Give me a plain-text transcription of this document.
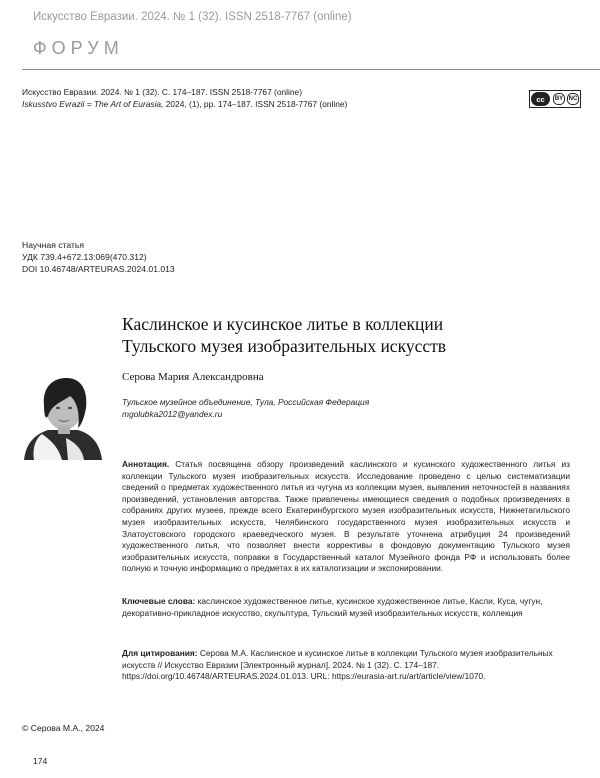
Искусство Евразии. 2024. № 1 (32). ISSN 2518-7767 (online)
ФОРУМ
Искусство Евразии. 2024. № 1 (32). С. 174–187. ISSN 2518-7767 (online)
Iskusstvo Evrazii = The Art of Eurasia, 2024, (1), pp. 174–187. ISSN 2518-7767 (online)	cc	BY NC
Научная статья
УДК 739.4+672.13:069(470.312)
DOI 10.46748/ARTEURAS.2024.01.013
Каслинское и кусинское литье в коллекции
Тульского музея изобразительных искусств
Серова Мария Александровна
Тульское музейное объединение, Тула, Российская Федерация
mgolubka2012@yandex.ru
Аннотация. Статья посвящена обзору произведений каслинского и кусинского художественного литья из коллекции Тульского музея изобразительных искусств. Исследование проведено с целью систематизации сведений о предметах художественного литья из чугуна из коллекции музея, выявления неточностей в названиях произведений, установления авторства. Также привлечены имеющиеся сведения о подобных произведениях в собраниях других музеев, прежде всего Екатеринбургского музея изобразительных искусств, Нижнетагильского музея изобразительных искусств, Челябинского государственного музея изобразительных искусств и Златоустовского городского краеведческого музея. В результате уточнена атрибуция 24 произведений художественного литья, что позволяет внести коррективы в фондовую документацию Тульского музея изобразительных искусств, поправки в Государственный каталог Музейного фонда РФ и использовать более полную и точную информацию о предметах в их каталогизации и экспонировании.
Ключевые слова: каслинское художественное литье, кусинское художественное литье, Касли, Куса, чугун, декоративно-прикладное искусство, скульптура, Тульский музей изобразительных искусств, коллекция
Для цитирования: Серова М.А. Каслинское и кусинское литье в коллекции Тульского музея изобразительных искусств // Искусство Евразии [Электронный журнал]. 2024. № 1 (32). С. 174–187. https://doi.org/10.46748/ARTEURAS.2024.01.013. URL: https://eurasia-art.ru/art/article/view/1070.
© Серова М.А., 2024
174
